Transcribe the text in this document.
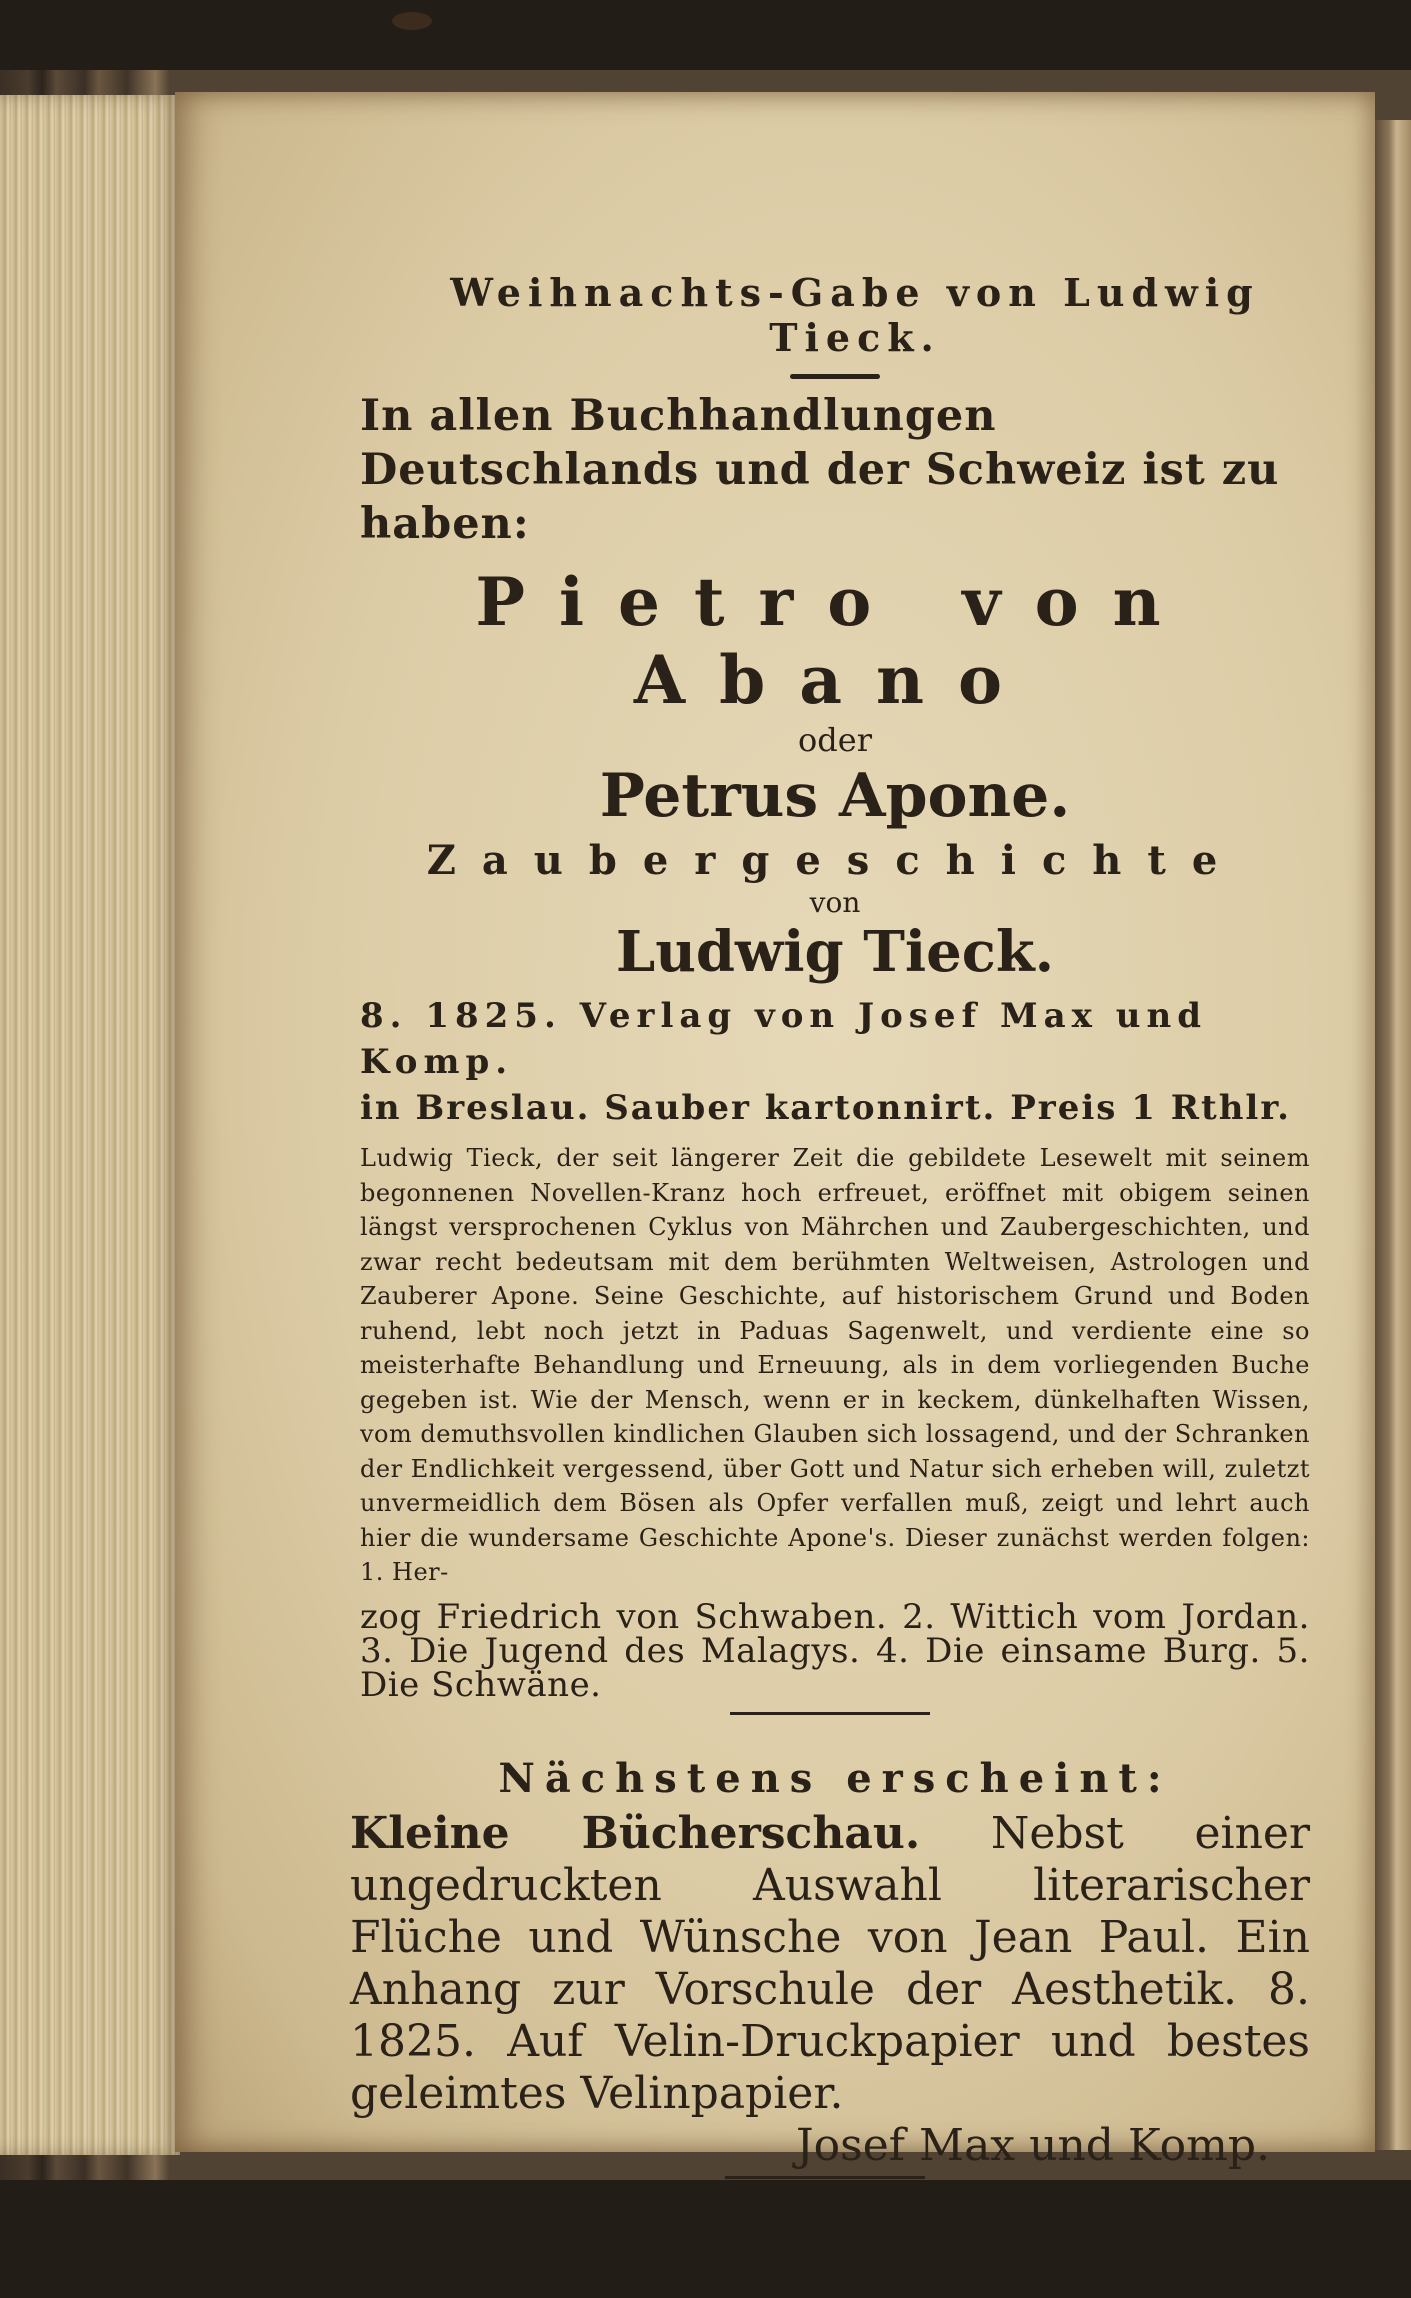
Weihnachts-Gabe von Ludwig Tieck.
In allen Buchhandlungen Deutschlands und der Schweiz ist zu haben:
Pietro von Abano
oder
Petrus Apone.
Zaubergeschichte
von
Ludwig Tieck.
8. 1825. Verlag von Josef Max und Komp.
in Breslau. Sauber kartonnirt. Preis 1 Rthlr.
Ludwig Tieck, der seit längerer Zeit die gebildete Lesewelt mit seinem begonnenen Novellen-Kranz hoch erfreuet, eröffnet mit obigem seinen längst versprochenen Cyklus von Mährchen und Zaubergeschichten, und zwar recht bedeutsam mit dem berühmten Weltweisen, Astrologen und Zauberer Apone. Seine Geschichte, auf historischem Grund und Boden ruhend, lebt noch jetzt in Paduas Sagenwelt, und verdiente eine so meisterhafte Behandlung und Erneuung, als in dem vorliegenden Buche gegeben ist. Wie der Mensch, wenn er in keckem, dünkelhaften Wissen, vom demuthsvollen kindlichen Glauben sich lossagend, und der Schranken der Endlichkeit vergessend, über Gott und Natur sich erheben will, zuletzt unvermeidlich dem Bösen als Opfer verfallen muß, zeigt und lehrt auch hier die wundersame Geschichte Apone's. Dieser zunächst werden folgen: 1. Her-
zog Friedrich von Schwaben. 2. Wittich vom Jordan. 3. Die Jugend des Malagys. 4. Die einsame Burg. 5. Die Schwäne.
Nächstens erscheint:
Kleine Bücherschau. Nebst einer ungedruckten Auswahl literarischer Flüche und Wünsche von Jean Paul. Ein Anhang zur Vorschule der Aesthetik. 8. 1825. Auf Velin-Druckpapier und bestes geleimtes Velinpapier.
Josef Max und Komp.
